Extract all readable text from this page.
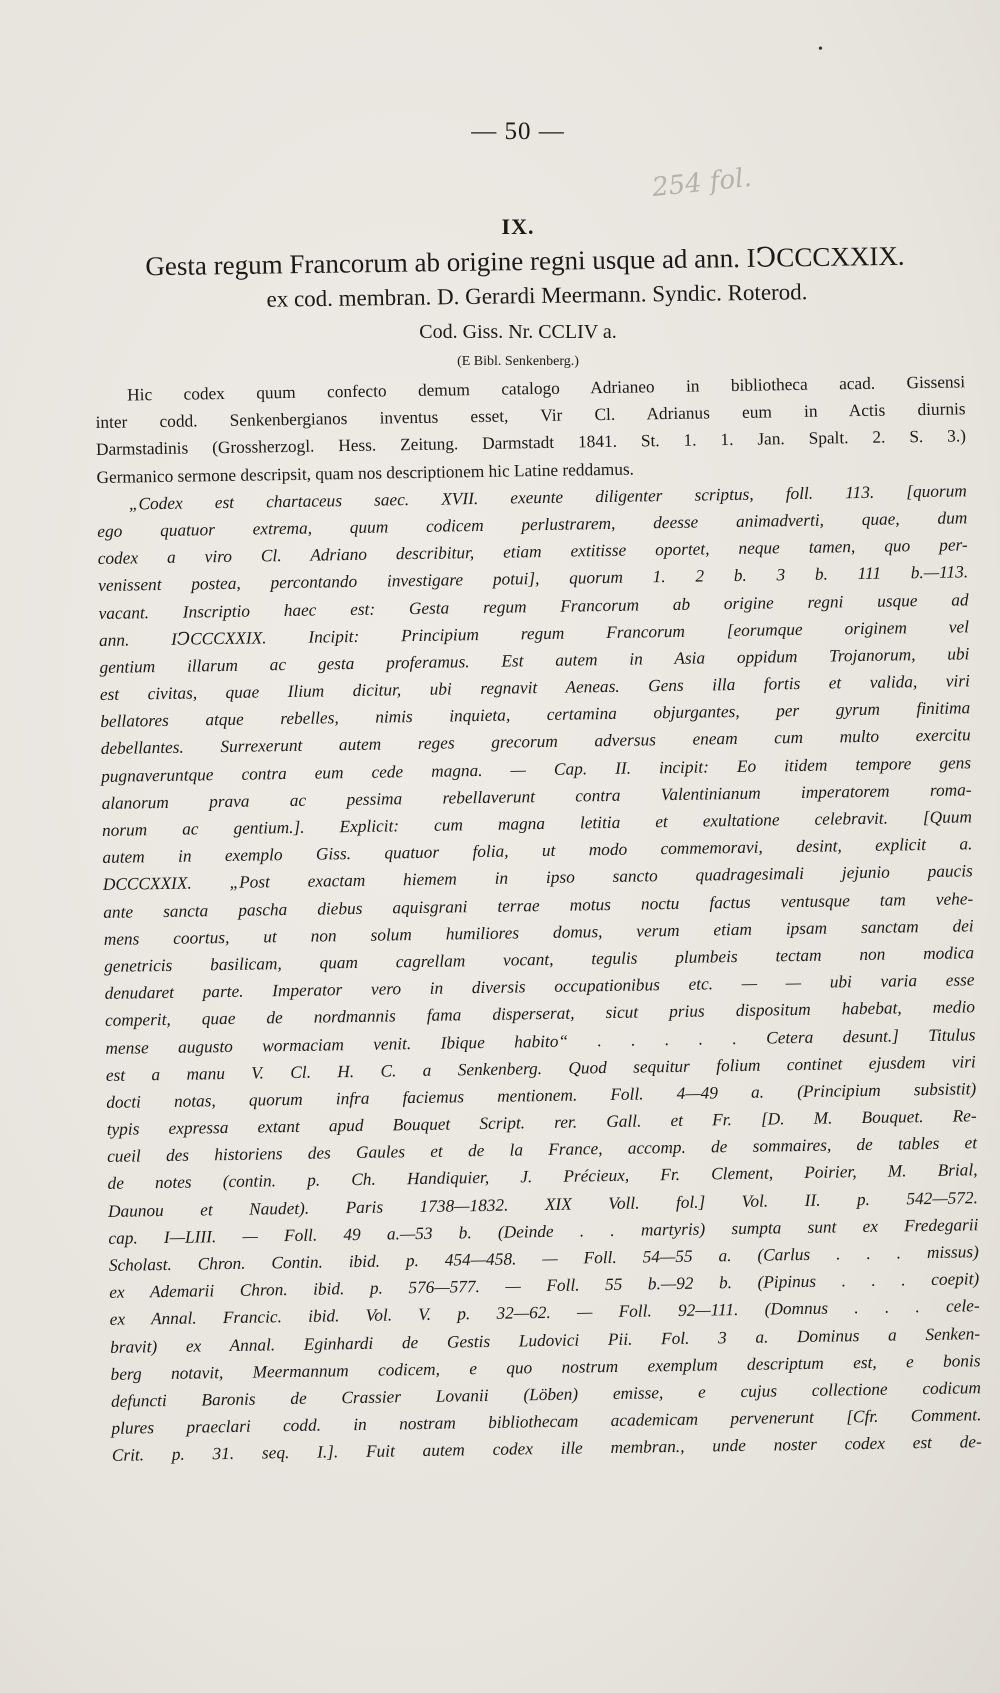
•
— 50 —
254 fol.
IX.
Gesta regum Francorum ab origine regni usque ad ann. IↃCCCXXIX.
ex cod. membran. D. Gerardi Meermann. Syndic. Roterod.
Cod. Giss. Nr. CCLIV a.
(E Bibl. Senkenberg.)
Hic codex quum confecto demum catalogo Adrianeo in bibliotheca acad. Gissensi
inter codd. Senkenbergianos inventus esset, Vir Cl. Adrianus eum in Actis diurnis
Darmstadinis (Grossherzogl. Hess. Zeitung. Darmstadt 1841. St. 1. 1. Jan. Spalt. 2. S. 3.)
Germanico sermone descripsit, quam nos descriptionem hic Latine reddamus.
„Codex est chartaceus saec. XVII. exeunte diligenter scriptus, foll. 113. [quorum
ego quatuor extrema, quum codicem perlustrarem, deesse animadverti, quae, dum
codex a viro Cl. Adriano describitur, etiam extitisse oportet, neque tamen, quo per-
venissent postea, percontando investigare potui], quorum 1. 2 b. 3 b. 111 b.—113.
vacant. Inscriptio haec est: Gesta regum Francorum ab origine regni usque ad
ann. IↃCCCXXIX. Incipit: Principium regum Francorum [eorumque originem vel
gentium illarum ac gesta proferamus. Est autem in Asia oppidum Trojanorum, ubi
est civitas, quae Ilium dicitur, ubi regnavit Aeneas. Gens illa fortis et valida, viri
bellatores atque rebelles, nimis inquieta, certamina objurgantes, per gyrum finitima
debellantes. Surrexerunt autem reges grecorum adversus eneam cum multo exercitu
pugnaveruntque contra eum cede magna. — Cap. II. incipit: Eo itidem tempore gens
alanorum prava ac pessima rebellaverunt contra Valentinianum imperatorem roma-
norum ac gentium.]. Explicit: cum magna letitia et exultatione celebravit. [Quum
autem in exemplo Giss. quatuor folia, ut modo commemoravi, desint, explicit a.
DCCCXXIX. „Post exactam hiemem in ipso sancto quadragesimali jejunio paucis
ante sancta pascha diebus aquisgrani terrae motus noctu factus ventusque tam vehe-
mens coortus, ut non solum humiliores domus, verum etiam ipsam sanctam dei
genetricis basilicam, quam cagrellam vocant, tegulis plumbeis tectam non modica
denudaret parte. Imperator vero in diversis occupationibus etc. — — ubi varia esse
comperit, quae de nordmannis fama disperserat, sicut prius dispositum habebat, medio
mense augusto wormaciam venit. Ibique habito“ . . . . . Cetera desunt.] Titulus
est a manu V. Cl. H. C. a Senkenberg. Quod sequitur folium continet ejusdem viri
docti notas, quorum infra faciemus mentionem. Foll. 4—49 a. (Principium subsistit)
typis expressa extant apud Bouquet Script. rer. Gall. et Fr. [D. M. Bouquet. Re-
cueil des historiens des Gaules et de la France, accomp. de sommaires, de tables et
de notes (contin. p. Ch. Handiquier, J. Précieux, Fr. Clement, Poirier, M. Brial,
Daunou et Naudet). Paris 1738—1832. XIX Voll. fol.] Vol. II. p. 542—572.
cap. I—LIII. — Foll. 49 a.—53 b. (Deinde . . martyris) sumpta sunt ex Fredegarii
Scholast. Chron. Contin. ibid. p. 454—458. — Foll. 54—55 a. (Carlus . . . missus)
ex Ademarii Chron. ibid. p. 576—577. — Foll. 55 b.—92 b. (Pipinus . . . coepit)
ex Annal. Francic. ibid. Vol. V. p. 32—62. — Foll. 92—111. (Domnus . . . cele-
bravit) ex Annal. Eginhardi de Gestis Ludovici Pii. Fol. 3 a. Dominus a Senken-
berg notavit, Meermannum codicem, e quo nostrum exemplum descriptum est, e bonis
defuncti Baronis de Crassier Lovanii (Löben) emisse, e cujus collectione codicum
plures praeclari codd. in nostram bibliothecam academicam pervenerunt [Cfr. Comment.
Crit. p. 31. seq. I.]. Fuit autem codex ille membran., unde noster codex est de-
